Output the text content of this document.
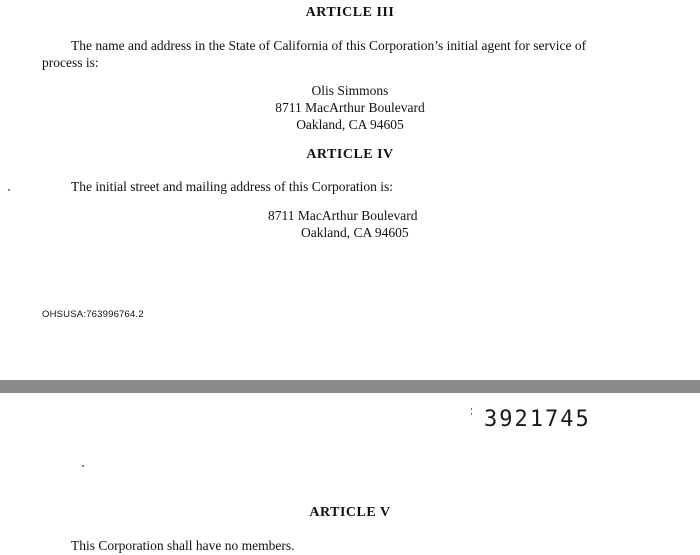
ARTICLE III
The name and address in the State of California of this Corporation’s initial agent for service of
process is:
Olis Simmons
8711 MacArthur Boulevard
Oakland, CA 94605
ARTICLE IV
The initial street and mailing address of this Corporation is:
8711 MacArthur Boulevard
Oakland, CA 94605
OHSUSA:763996764.2
3921745
ARTICLE V
This Corporation shall have no members.
